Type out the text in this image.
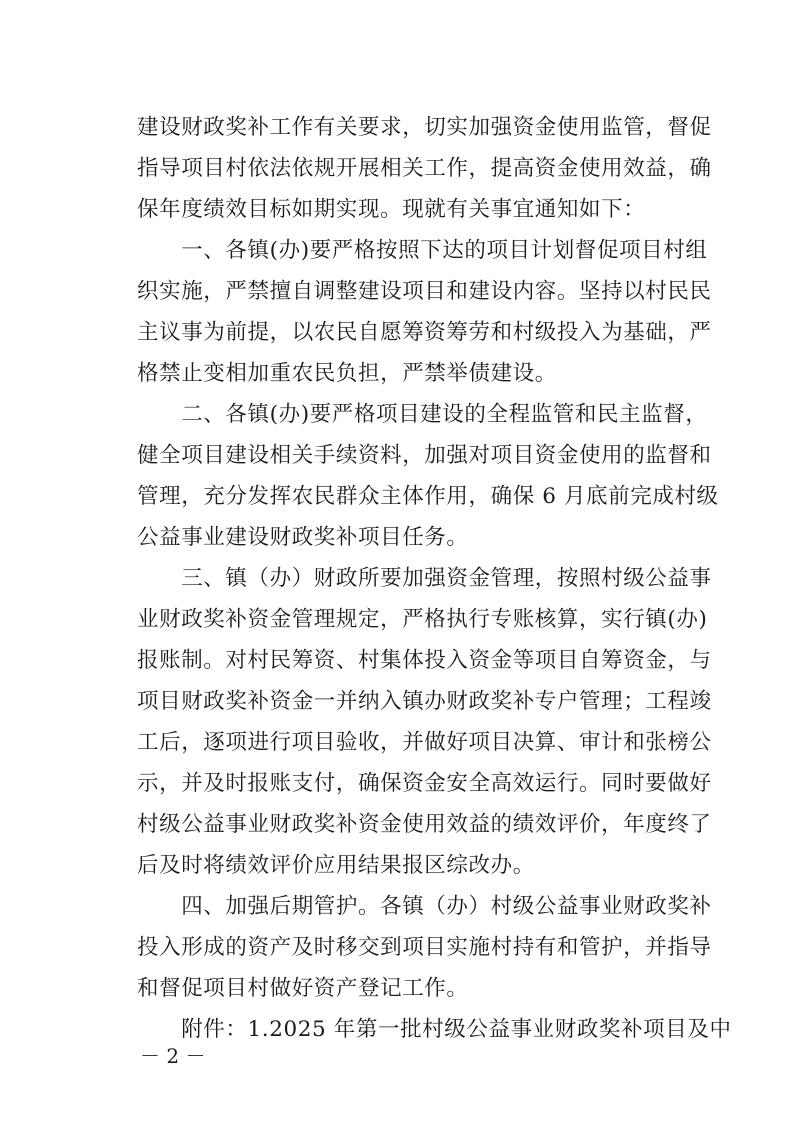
建设财政奖补工作有关要求，切实加强资金使用监管，督促
指导项目村依法依规开展相关工作，提高资金使用效益，确
保年度绩效目标如期实现。现就有关事宜通知如下：
　　一、各镇(办)要严格按照下达的项目计划督促项目村组
织实施，严禁擅自调整建设项目和建设内容。坚持以村民民
主议事为前提，以农民自愿筹资筹劳和村级投入为基础，严
格禁止变相加重农民负担，严禁举债建设。
　　二、各镇(办)要严格项目建设的全程监管和民主监督，
健全项目建设相关手续资料，加强对项目资金使用的监督和
管理，充分发挥农民群众主体作用，确保 6 月底前完成村级
公益事业建设财政奖补项目任务。
　　三、镇（办）财政所要加强资金管理，按照村级公益事
业财政奖补资金管理规定，严格执行专账核算，实行镇(办)
报账制。对村民筹资、村集体投入资金等项目自筹资金，与
项目财政奖补资金一并纳入镇办财政奖补专户管理；工程竣
工后，逐项进行项目验收，并做好项目决算、审计和张榜公
示，并及时报账支付，确保资金安全高效运行。同时要做好
村级公益事业财政奖补资金使用效益的绩效评价，年度终了
后及时将绩效评价应用结果报区综改办。
　　四、加强后期管护。各镇（办）村级公益事业财政奖补
投入形成的资产及时移交到项目实施村持有和管护，并指导
和督促项目村做好资产登记工作。
　　附件：1.2025 年第一批村级公益事业财政奖补项目及中
－ 2 －
